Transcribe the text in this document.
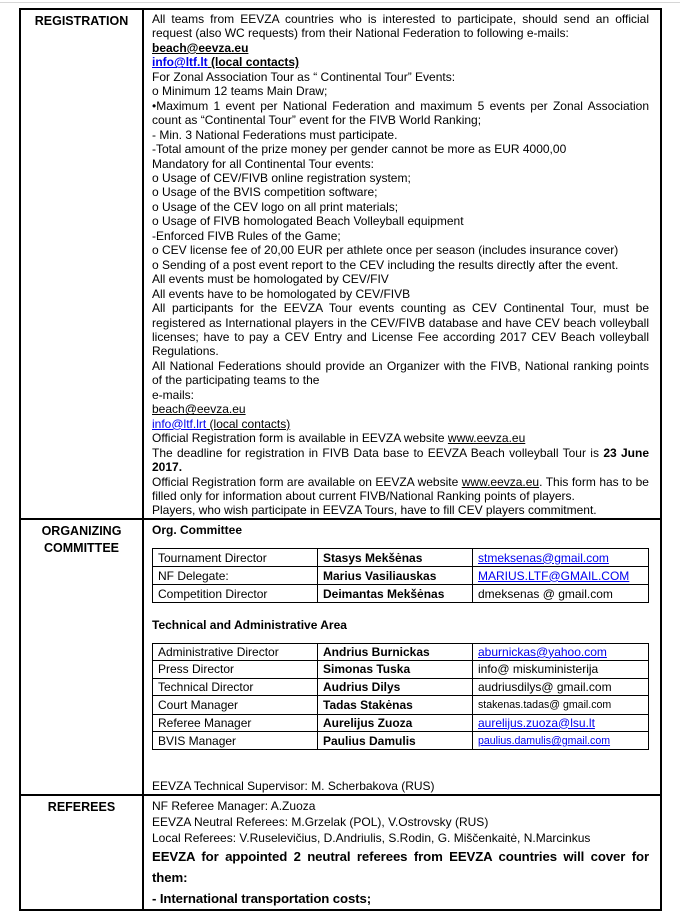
REGISTRATION	All teams from EEVZA countries who is interested to participate, should send an official request (also WC requests) from their National Federation to following e-mails:
beach@eevza.eu
info@ltf.lt (local contacts)
For Zonal Association Tour as “ Continental Tour” Events:
o Minimum 12 teams Main Draw;
•Maximum 1 event per National Federation and maximum 5 events per Zonal Association count as “Continental Tour” event for the FIVB World Ranking;
- Min. 3 National Federations must participate.
-Total amount of the prize money per gender cannot be more as EUR 4000,00
Mandatory for all Continental Tour events:
o Usage of CEV/FIVB online registration system;
o Usage of the BVIS competition software;
o Usage of the CEV logo on all print materials;
o Usage of FIVB homologated Beach Volleyball equipment
-Enforced FIVB Rules of the Game;
o CEV license fee of 20,00 EUR per athlete once per season (includes insurance cover)
o Sending of a post event report to the CEV including the results directly after the event.
All events must be homologated by CEV/FIV
All events have to be homologated by CEV/FIVB
All participants for the EEVZA Tour events counting as CEV Continental Tour, must be registered as International players in the CEV/FIVB database and have CEV beach volleyball licenses; have to pay a CEV Entry and License Fee according 2017 CEV Beach volleyball Regulations.
All National Federations should provide an Organizer with the FIVB, National ranking points of the participating teams to the
e-mails:
beach@eevza.eu
info@ltf.lrt (local contacts)
Official Registration form is available in EEVZA website www.eevza.eu
The deadline for registration in FIVB Data base to EEVZA Beach volleyball Tour is 23 June 2017.
Official Registration form are available on EEVZA website www.eevza.eu. This form has to be filled only for information about current FIVB/National Ranking points of players.
Players, who wish participate in EEVZA Tours, have to fill CEV players commitment.

ORGANIZING
COMMITTEE

Org. Committee
Tournament Director	Stasys Mekšėnas	stmeksenas@gmail.com
NF Delegate:	Marius Vasiliauskas	MARIUS.LTF@GMAIL.COM
Competition Director	Deimantas Mekšėnas	dmeksenas @ gmail.com
Technical and Administrative Area
Administrative Director	Andrius Burnickas	aburnickas@yahoo.com
Press Director	Simonas Tuska	info@ miskuministerija
Technical Director	Audrius Dilys	audriusdilys@ gmail.com
Court Manager	Tadas Stakėnas	stakenas.tadas@ gmail.com
Referee Manager	Aurelijus Zuoza	aurelijus.zuoza@lsu.lt
BVIS Manager	Paulius Damulis	paulius.damulis@gmail.com
EEVZA Technical Supervisor: M. Scherbakova (RUS)

REFEREES	NF Referee Manager: A.Zuoza
EEVZA Neutral Referees: M.Grzelak (POL), V.Ostrovsky (RUS)
Local Referees: V.Ruselevičius, D.Andriulis, S.Rodin, G. Miščenkaitė, N.Marcinkus
EEVZA for appointed 2 neutral referees from EEVZA countries will cover for them:
- International transportation costs;
